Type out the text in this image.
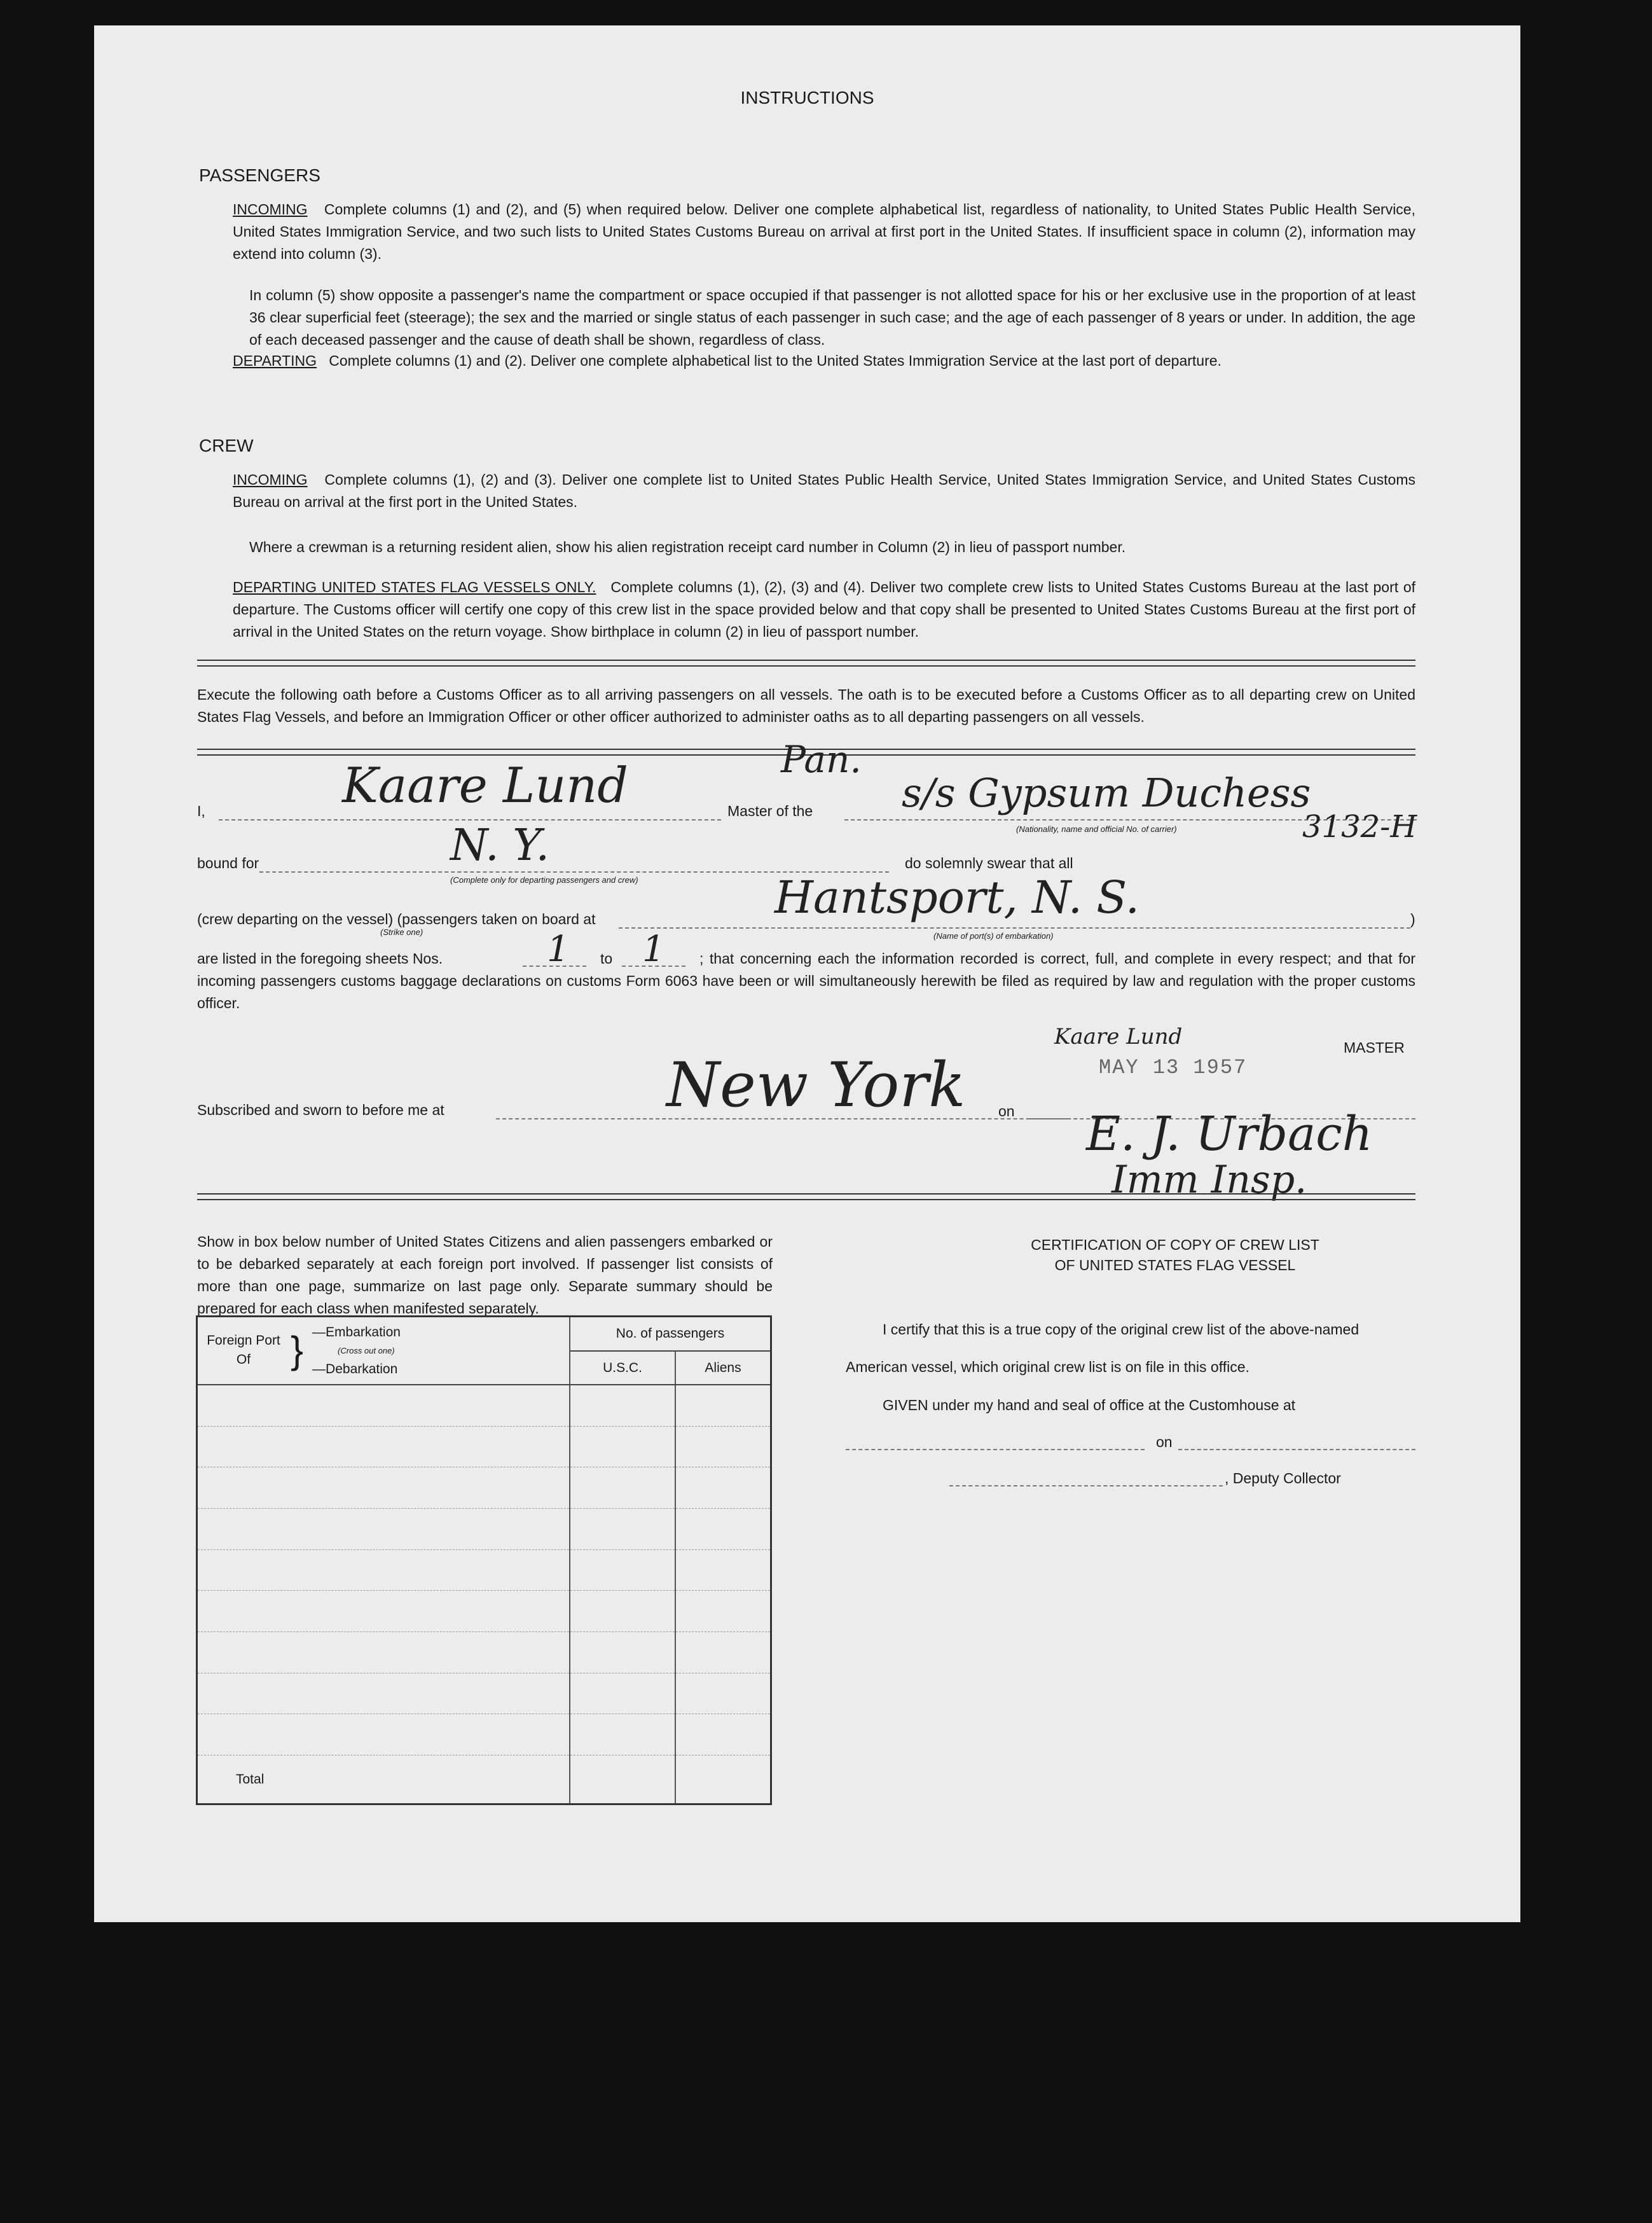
INSTRUCTIONS
PASSENGERS
INCOMING Complete columns (1) and (2), and (5) when required below. Deliver one complete alphabetical list, regardless of nationality, to United States Public Health Service, United States Immigration Service, and two such lists to United States Customs Bureau on arrival at first port in the United States. If insufficient space in column (2), information may extend into column (3).
In column (5) show opposite a passenger's name the compartment or space occupied if that passenger is not allotted space for his or her exclusive use in the proportion of at least 36 clear superficial feet (steerage); the sex and the married or single status of each passenger in such case; and the age of each passenger of 8 years or under. In addition, the age of each deceased passenger and the cause of death shall be shown, regardless of class.
DEPARTING Complete columns (1) and (2). Deliver one complete alphabetical list to the United States Immigration Service at the last port of departure.
CREW
INCOMING Complete columns (1), (2) and (3). Deliver one complete list to United States Public Health Service, United States Immigration Service, and United States Customs Bureau on arrival at the first port in the United States.
Where a crewman is a returning resident alien, show his alien registration receipt card number in Column (2) in lieu of passport number.
DEPARTING UNITED STATES FLAG VESSELS ONLY. Complete columns (1), (2), (3) and (4). Deliver two complete crew lists to United States Customs Bureau at the last port of departure. The Customs officer will certify one copy of this crew list in the space provided below and that copy shall be presented to United States Customs Bureau at the first port of arrival in the United States on the return voyage. Show birthplace in column (2) in lieu of passport number.
Execute the following oath before a Customs Officer as to all arriving passengers on all vessels. The oath is to be executed before a Customs Officer as to all departing crew on United States Flag Vessels, and before an Immigration Officer or other officer authorized to administer oaths as to all departing passengers on all vessels.
I,	Kaare Lund	Master of the
Pan.
s/s Gypsum Duchess
(Nationality, name and official No. of carrier)	3132-H
bound for	N. Y.
(Complete only for departing passengers and crew)
do solemnly swear that all
(crew departing on the vessel) (passengers taken on board at
(Strike one)
Hantsport, N. S.
(Name of port(s) of embarkation)
)
are listed in the foregoing sheets Nos.	1 to 1	; that concerning each the information recorded is correct, full, and complete in every respect; and that for incoming passengers customs baggage declarations on customs Form 6063 have been or will simultaneously herewith be filed as required by law and regulation with the proper customs officer.
Kaare Lund	MASTER
Subscribed and sworn to before me at	New York on
MAY 13 1957
E. J. Urbach
Imm Insp.
Show in box below number of United States Citizens and alien passengers embarked or to be debarked separately at each foreign port involved. If passenger list consists of more than one page, summarize on last page only. Separate summary should be prepared for each class when manifested separately.
Foreign Port Of } —Embarkation
(Cross out one)
—Debarkation	No. of passengers	
	U.S.C.	Aliens

Total		
CERTIFICATION OF COPY OF CREW LIST
OF UNITED STATES FLAG VESSEL
I certify that this is a true copy of the original crew list of the above-named
American vessel, which original crew list is on file in this office.
GIVEN under my hand and seal of office at the Customhouse at
on
, Deputy Collector
